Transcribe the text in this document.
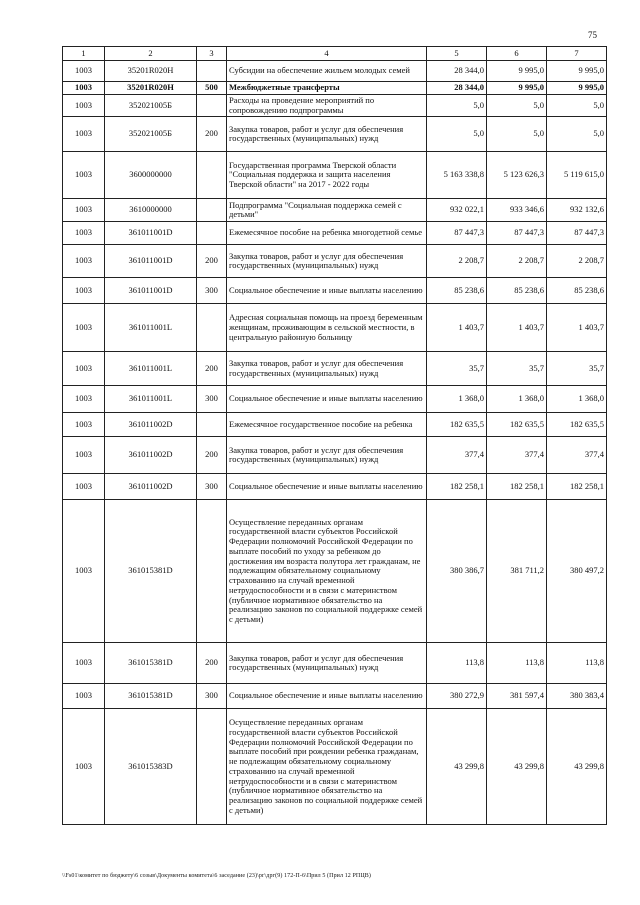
75
1	2	3	4	5	6	7
1003	35201R020H		Субсидии на обеспечение жильем молодых семей	28 344,0	9 995,0	9 995,0
1003	35201R020H	500	Межбюджетные трансферты	28 344,0	9 995,0	9 995,0
1003	352021005Б		Расходы на проведение мероприятий по сопровождению подпрограммы	5,0	5,0	5,0
1003	352021005Б	200	Закупка товаров, работ и услуг для обеспечения государственных (муниципальных) нужд	5,0	5,0	5,0
1003	3600000000		Государственная программа Тверской области "Социальная поддержка и защита населения Тверской области" на 2017 - 2022 годы	5 163 338,8	5 123 626,3	5 119 615,0
1003	3610000000		Подпрограмма "Социальная поддержка семей с детьми"	932 022,1	933 346,6	932 132,6
1003	361011001D		Ежемесячное пособие на ребенка многодетной семье	87 447,3	87 447,3	87 447,3
1003	361011001D	200	Закупка товаров, работ и услуг для обеспечения государственных (муниципальных) нужд	2 208,7	2 208,7	2 208,7
1003	361011001D	300	Социальное обеспечение и иные выплаты населению	85 238,6	85 238,6	85 238,6
1003	361011001L		Адресная социальная помощь на проезд беременным женщинам, проживающим в сельской местности, в центральную районную больницу	1 403,7	1 403,7	1 403,7
1003	361011001L	200	Закупка товаров, работ и услуг для обеспечения государственных (муниципальных) нужд	35,7	35,7	35,7
1003	361011001L	300	Социальное обеспечение и иные выплаты населению	1 368,0	1 368,0	1 368,0
1003	361011002D		Ежемесячное государственное пособие на ребенка	182 635,5	182 635,5	182 635,5
1003	361011002D	200	Закупка товаров, работ и услуг для обеспечения государственных (муниципальных) нужд	377,4	377,4	377,4
1003	361011002D	300	Социальное обеспечение и иные выплаты населению	182 258,1	182 258,1	182 258,1
1003	361015381D		Осуществление переданных органам государственной власти субъектов Российской Федерации полномочий Российской Федерации по выплате пособий по уходу за ребенком до достижения им возраста полутора лет гражданам, не подлежащим обязательному социальному страхованию на случай временной нетрудоспособности и в связи с материнством (публичное нормативное обязательство на реализацию законов по социальной поддержке семей с детьми)	380 386,7	381 711,2	380 497,2
1003	361015381D	200	Закупка товаров, работ и услуг для обеспечения государственных (муниципальных) нужд	113,8	113,8	113,8
1003	361015381D	300	Социальное обеспечение и иные выплаты населению	380 272,9	381 597,4	380 383,4
1003	361015383D		Осуществление переданных органам государственной власти субъектов Российской Федерации полномочий Российской Федерации по выплате пособий при рождении ребенка гражданам, не подлежащим обязательному социальному страхованию на случай временной нетрудоспособности и в связи с материнством (публичное нормативное обязательство на реализацию законов по социальной поддержке семей с детьми)	43 299,8	43 299,8	43 299,8
\\Fs01\комитет по бюджету\6 созыв\Документы комитета\6 заседание (23)\рг\дрг(9) 172-П-6\Прил 5 (Прил 12 РПЦВ)
